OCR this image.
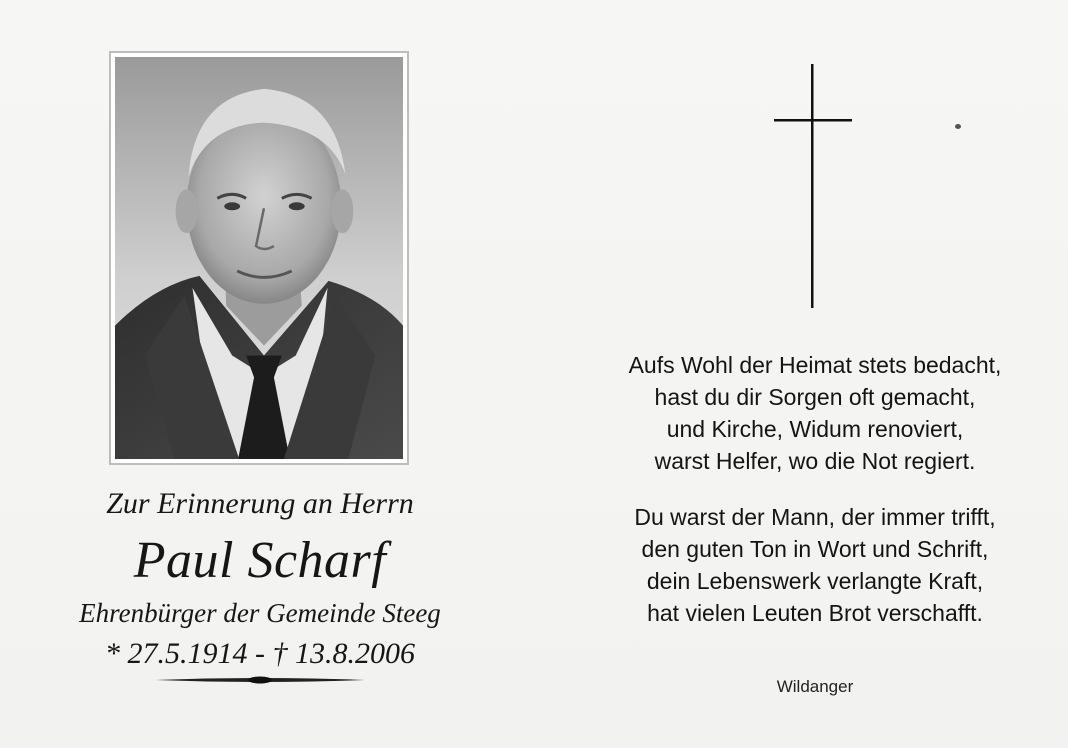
Zur Erinnerung an Herrn

Paul Scharf

Ehrenbürger der Gemeinde Steeg

* 27.5.1914 - † 13.8.2006

Aufs Wohl der Heimat stets bedacht,
hast du dir Sorgen oft gemacht,
und Kirche, Widum renoviert,
warst Helfer, wo die Not regiert.

Du warst der Mann, der immer trifft,
den guten Ton in Wort und Schrift,
dein Lebenswerk verlangte Kraft,
hat vielen Leuten Brot verschafft.

Wildanger
